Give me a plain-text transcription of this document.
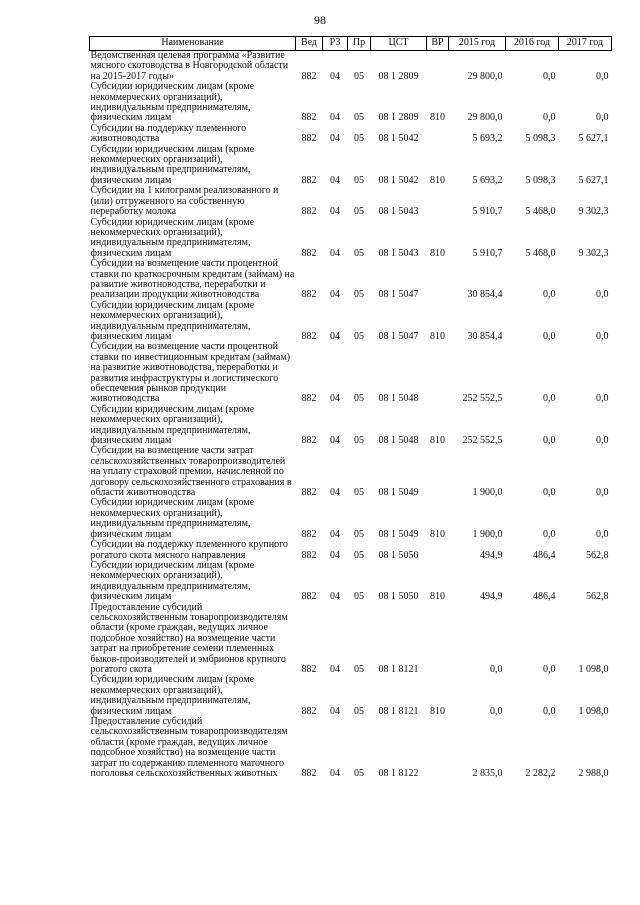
98
Наименование	Вед	РЗ	Пр	ЦСТ	ВР	2015 год	2016 год	2017 год
Ведомственная целевая программа «Развитие мясного скотоводства в Новгородской области на 2015-2017 годы»	882	04	05	08 1 2809		29 800,0	0,0	0,0
Субсидии юридическим лицам (кроме некоммерческих организаций), индивидуальным предпринимателям, физическим лицам	882	04	05	08 1 2809	810	29 800,0	0,0	0,0
Субсидии на поддержку племенного животноводства	882	04	05	08 1 5042		5 693,2	5 098,3	5 627,1
Субсидии юридическим лицам (кроме некоммерческих организаций), индивидуальным предпринимателям, физическим лицам	882	04	05	08 1 5042	810	5 693,2	5 098,3	5 627,1
Субсидии на 1 килограмм реализованного и (или) отгруженного на собственную переработку молока	882	04	05	08 1 5043		5 910,7	5 468,0	9 302,3
Субсидии юридическим лицам (кроме некоммерческих организаций), индивидуальным предпринимателям, физическим лицам	882	04	05	08 1 5043	810	5 910,7	5 468,0	9 302,3
Субсидии на возмещение части процентной ставки по краткосрочным кредитам (займам) на развитие животноводства, переработки и реализации продукции животноводства	882	04	05	08 1 5047		30 854,4	0,0	0,0
Субсидии юридическим лицам (кроме некоммерческих организаций), индивидуальным предпринимателям, физическим лицам	882	04	05	08 1 5047	810	30 854,4	0,0	0,0
Субсидии на возмещение части процентной ставки по инвестиционным кредитам (займам) на развитие животноводства, переработки и развития инфраструктуры и логистического обеспечения рынков продукции животноводства	882	04	05	08 1 5048		252 552,5	0,0	0,0
Субсидии юридическим лицам (кроме некоммерческих организаций), индивидуальным предпринимателям, физическим лицам	882	04	05	08 1 5048	810	252 552,5	0,0	0,0
Субсидии на возмещение части затрат сельскохозяйственных товаропроизводителей на уплату страховой премии, начисленной по договору сельскохозяйственного страхования в области животноводства	882	04	05	08 1 5049		1 900,0	0,0	0,0
Субсидии юридическим лицам (кроме некоммерческих организаций), индивидуальным предпринимателям, физическим лицам	882	04	05	08 1 5049	810	1 900,0	0,0	0,0
Субсидии на поддержку племенного крупного рогатого скота мясного направления	882	04	05	08 1 5050		494,9	486,4	562,8
Субсидии юридическим лицам (кроме некоммерческих организаций), индивидуальным предпринимателям, физическим лицам	882	04	05	08 1 5050	810	494,9	486,4	562,8
Предоставление субсидий сельскохозяйственным товаропроизводителям области (кроме граждан, ведущих личное подсобное хозяйство) на возмещение части затрат на приобретение семени племенных быков-производителей и эмбрионов крупного рогатого скота	882	04	05	08 1 8121		0,0	0,0	1 098,0
Субсидии юридическим лицам (кроме некоммерческих организаций), индивидуальным предпринимателям, физическим лицам	882	04	05	08 1 8121	810	0,0	0,0	1 098,0
Предоставление субсидий сельскохозяйственным товаропроизводителям области (кроме граждан, ведущих личное подсобное хозяйство) на возмещение части затрат по содержанию племенного маточного поголовья сельскохозяйственных животных	882	04	05	08 1 8122		2 835,0	2 282,2	2 988,0
